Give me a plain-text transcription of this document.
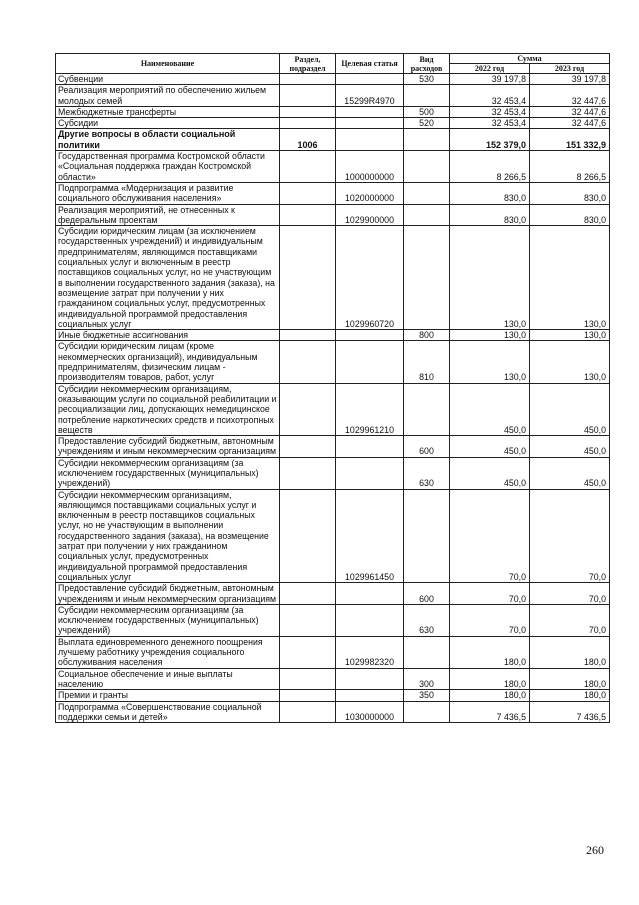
Наименование	Раздел, подраздел	Целевая статья	Вид расходов	Сумма	
				2022 год	2023 год
Субвенции			530	39 197,8	39 197,8
Реализация мероприятий по обеспечению жильем молодых семей		15299R4970		32 453,4	32 447,6
Межбюджетные трансферты			500	32 453,4	32 447,6
Субсидии			520	32 453,4	32 447,6
Другие вопросы в области социальной политики	1006			152 379,0	151 332,9
Государственная программа Костромской области «Социальная поддержка граждан Костромской области»		1000000000		8 266,5	8 266,5
Подпрограмма «Модернизация и развитие социального обслуживания населения»		1020000000		830,0	830,0
Реализация мероприятий, не отнесенных к федеральным проектам		1029900000		830,0	830,0
Субсидии юридическим лицам (за исключением государственных учреждений) и индивидуальным предпринимателям, являющимся поставщиками социальных услуг и включенным в реестр поставщиков социальных услуг, но не участвующим в выполнении государственного задания (заказа), на возмещение затрат при получении у них гражданином социальных услуг, предусмотренных индивидуальной программой предоставления социальных услуг		1029960720		130,0	130,0
Иные бюджетные ассигнования			800	130,0	130,0
Субсидии юридическим лицам (кроме некоммерческих организаций), индивидуальным предпринимателям, физическим лицам - производителям товаров, работ, услуг			810	130,0	130,0
Субсидии некоммерческим организациям, оказывающим услуги по социальной реабилитации и ресоциализации лиц, допускающих немедицинское потребление наркотических средств и психотропных веществ		1029961210		450,0	450,0
Предоставление субсидий бюджетным, автономным учреждениям и иным некоммерческим организациям			600	450,0	450,0
Субсидии некоммерческим организациям (за исключением государственных (муниципальных) учреждений)			630	450,0	450,0
Субсидии некоммерческим организациям, являющимся поставщиками социальных услуг и включенным в реестр поставщиков социальных услуг, но не участвующим в выполнении государственного задания (заказа), на возмещение затрат при получении у них гражданином социальных услуг, предусмотренных индивидуальной программой предоставления социальных услуг		1029961450		70,0	70,0
Предоставление субсидий бюджетным, автономным учреждениям и иным некоммерческим организациям			600	70,0	70,0
Субсидии некоммерческим организациям (за исключением государственных (муниципальных) учреждений)			630	70,0	70,0
Выплата единовременного денежного поощрения лучшему работнику учреждения социального обслуживания населения		1029982320		180,0	180,0
Социальное обеспечение и иные выплаты населению			300	180,0	180,0
Премии и гранты			350	180,0	180,0
Подпрограмма «Совершенствование социальной поддержки семьи и детей»		1030000000		7 436,5	7 436,5
260
